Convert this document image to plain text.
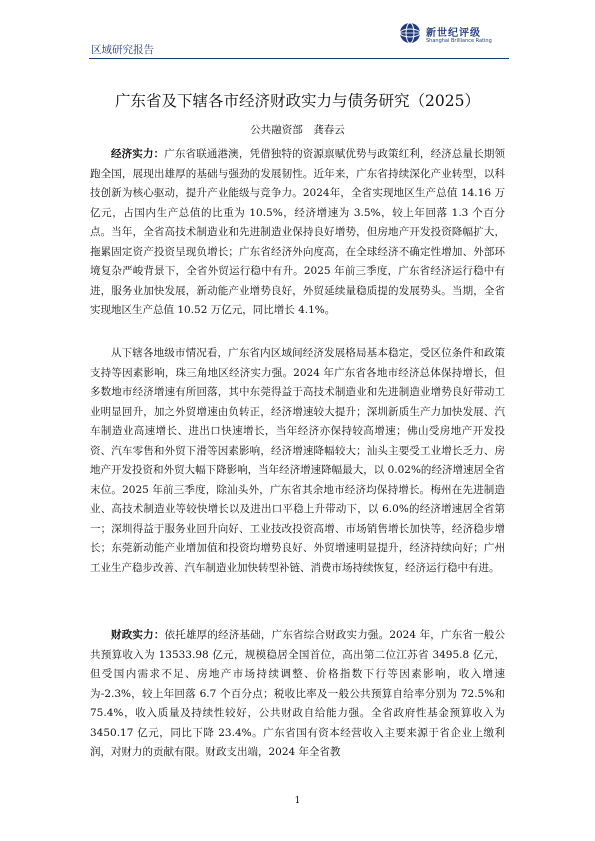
区域研究报告
新世纪评级
Shanghai Brilliance Rating
广东省及下辖各市经济财政实力与债务研究（2025）
公共融资部　龚春云

经济实力：广东省联通港澳，凭借独特的资源禀赋优势与政策红利，经济总量长期领跑全国，展现出雄厚的基础与强劲的发展韧性。近年来，广东省持续深化产业转型，以科技创新为核心驱动，提升产业能级与竞争力。2024年，全省实现地区生产总值 14.16 万亿元，占国内生产总值的比重为 10.5%，经济增速为 3.5%，较上年回落 1.3 个百分点。当年，全省高技术制造业和先进制造业保持良好增势，但房地产开发投资降幅扩大，拖累固定资产投资呈现负增长；广东省经济外向度高，在全球经济不确定性增加、外部环境复杂严峻背景下，全省外贸运行稳中有升。2025 年前三季度，广东省经济运行稳中有进，服务业加快发展，新动能产业增势良好，外贸延续量稳质提的发展势头。当期，全省实现地区生产总值 10.52 万亿元，同比增长 4.1%。

从下辖各地级市情况看，广东省内区域间经济发展格局基本稳定，受区位条件和政策支持等因素影响，珠三角地区经济实力强。2024 年广东省各地市经济总体保持增长，但多数地市经济增速有所回落，其中东莞得益于高技术制造业和先进制造业增势良好带动工业明显回升，加之外贸增速由负转正，经济增速较大提升；深圳新质生产力加快发展、汽车制造业高速增长、进出口快速增长，当年经济亦保持较高增速；佛山受房地产开发投资、汽车零售和外贸下滑等因素影响，经济增速降幅较大；汕头主要受工业增长乏力、房地产开发投资和外贸大幅下降影响，当年经济增速降幅最大，以 0.02%的经济增速居全省末位。2025 年前三季度，除汕头外，广东省其余地市经济均保持增长。梅州在先进制造业、高技术制造业等较快增长以及进出口平稳上升带动下，以 6.0%的经济增速居全省第一；深圳得益于服务业回升向好、工业技改投资高增、市场销售增长加快等，经济稳步增长；东莞新动能产业增加值和投资均增势良好、外贸增速明显提升，经济持续向好；广州工业生产稳步改善、汽车制造业加快转型补链、消费市场持续恢复，经济运行稳中有进。

财政实力：依托雄厚的经济基础，广东省综合财政实力强。2024 年，广东省一般公共预算收入为 13533.98 亿元，规模稳居全国首位，高出第二位江苏省 3495.8 亿元，但受国内需求不足、房地产市场持续调整、价格指数下行等因素影响，收入增速为-2.3%，较上年回落 6.7 个百分点；税收比率及一般公共预算自给率分别为 72.5%和 75.4%，收入质量及持续性较好，公共财政自给能力强。全省政府性基金预算收入为 3450.17 亿元，同比下降 23.4%。广东省国有资本经营收入主要来源于省企业上缴利润，对财力的贡献有限。财政支出端，2024 年全省教

1
